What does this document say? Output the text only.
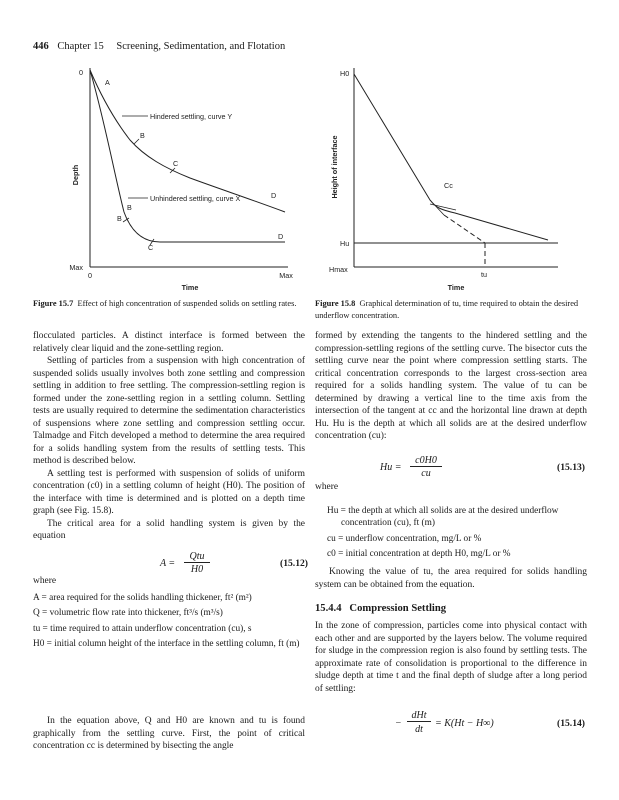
446 Chapter 15 Screening, Sedimentation, and Flotation
0
Max
0	Max
Time
Depth
A
B
C
D
B
B
C
D
Hindered settling, curve Y
Unhindered settling, curve X
Figure 15.7 Effect of high concentration of suspended solids on settling rates.
H0
Cc
Hu
Hmax
tu
Time
Height of interface
Figure 15.8 Graphical determination of tu, time required to obtain the desired underflow concentration.

flocculated particles. A distinct interface is formed between the relatively clear liquid and the zone-settling region.

Settling of particles from a suspension with high concentration of suspended solids usually involves both zone settling and compression settling in addition to free settling. The compression-settling region is formed under the zone-settling region in a settling column. Settling tests are usually required to determine the sedimentation characteristics of suspensions where zone settling and compression settling occur. Talmadge and Fitch developed a method to determine the area required for a solids handling system from the results of settling tests. This method is described below.

A settling test is performed with suspension of solids of uniform concentration (c0) in a settling column of height (H0). The position of the interface with time is determined and is plotted on a depth time graph (see Fig. 15.8).

The critical area for a solid handling system is given by the equation

A =
Qtu
H0
(15.12)
where
A = area required for the solids handling thickener, ft² (m²)
Q = volumetric flow rate into thickener, ft³/s (m³/s)
tu = time required to attain underflow concentration (cu), s
H0 = initial column height of the interface in the settling column, ft (m)

In the equation above, Q and H0 are known and tu is found graphically from the settling curve. First, the point of critical concentration cc is determined by bisecting the angle

formed by extending the tangents to the hindered settling and the compression-settling regions of the settling curve. The bisector cuts the settling curve near the point where compression settling starts. The critical concentration corresponds to the largest cross-section area required for a solids handling system. The value of tu can be determined by drawing a vertical line to the time axis from the intersection of the tangent at cc and the horizontal line drawn at depth Hu. Hu is the depth at which all solids are at the desired underflow concentration (cu):

Hu =
c0H0
cu
(15.13)
where
Hu = the depth at which all solids are at the desired underflow concentration (cu), ft (m)
cu = underflow concentration, mg/L or %
c0 = initial concentration at depth H0, mg/L or %

Knowing the value of tu, the area required for solids handling system can be obtained from the equation.

15.4.4   Compression Settling

In the zone of compression, particles come into physical contact with each other and are supported by the layers below. The volume required for sludge in the compression region is also found by settling tests. The approximate rate of consolidation is proportional to the difference in sludge depth at time t and the final depth of sludge after a long period of settling:

−
dHt
dt
= K(Ht − H∞)	(15.14)
